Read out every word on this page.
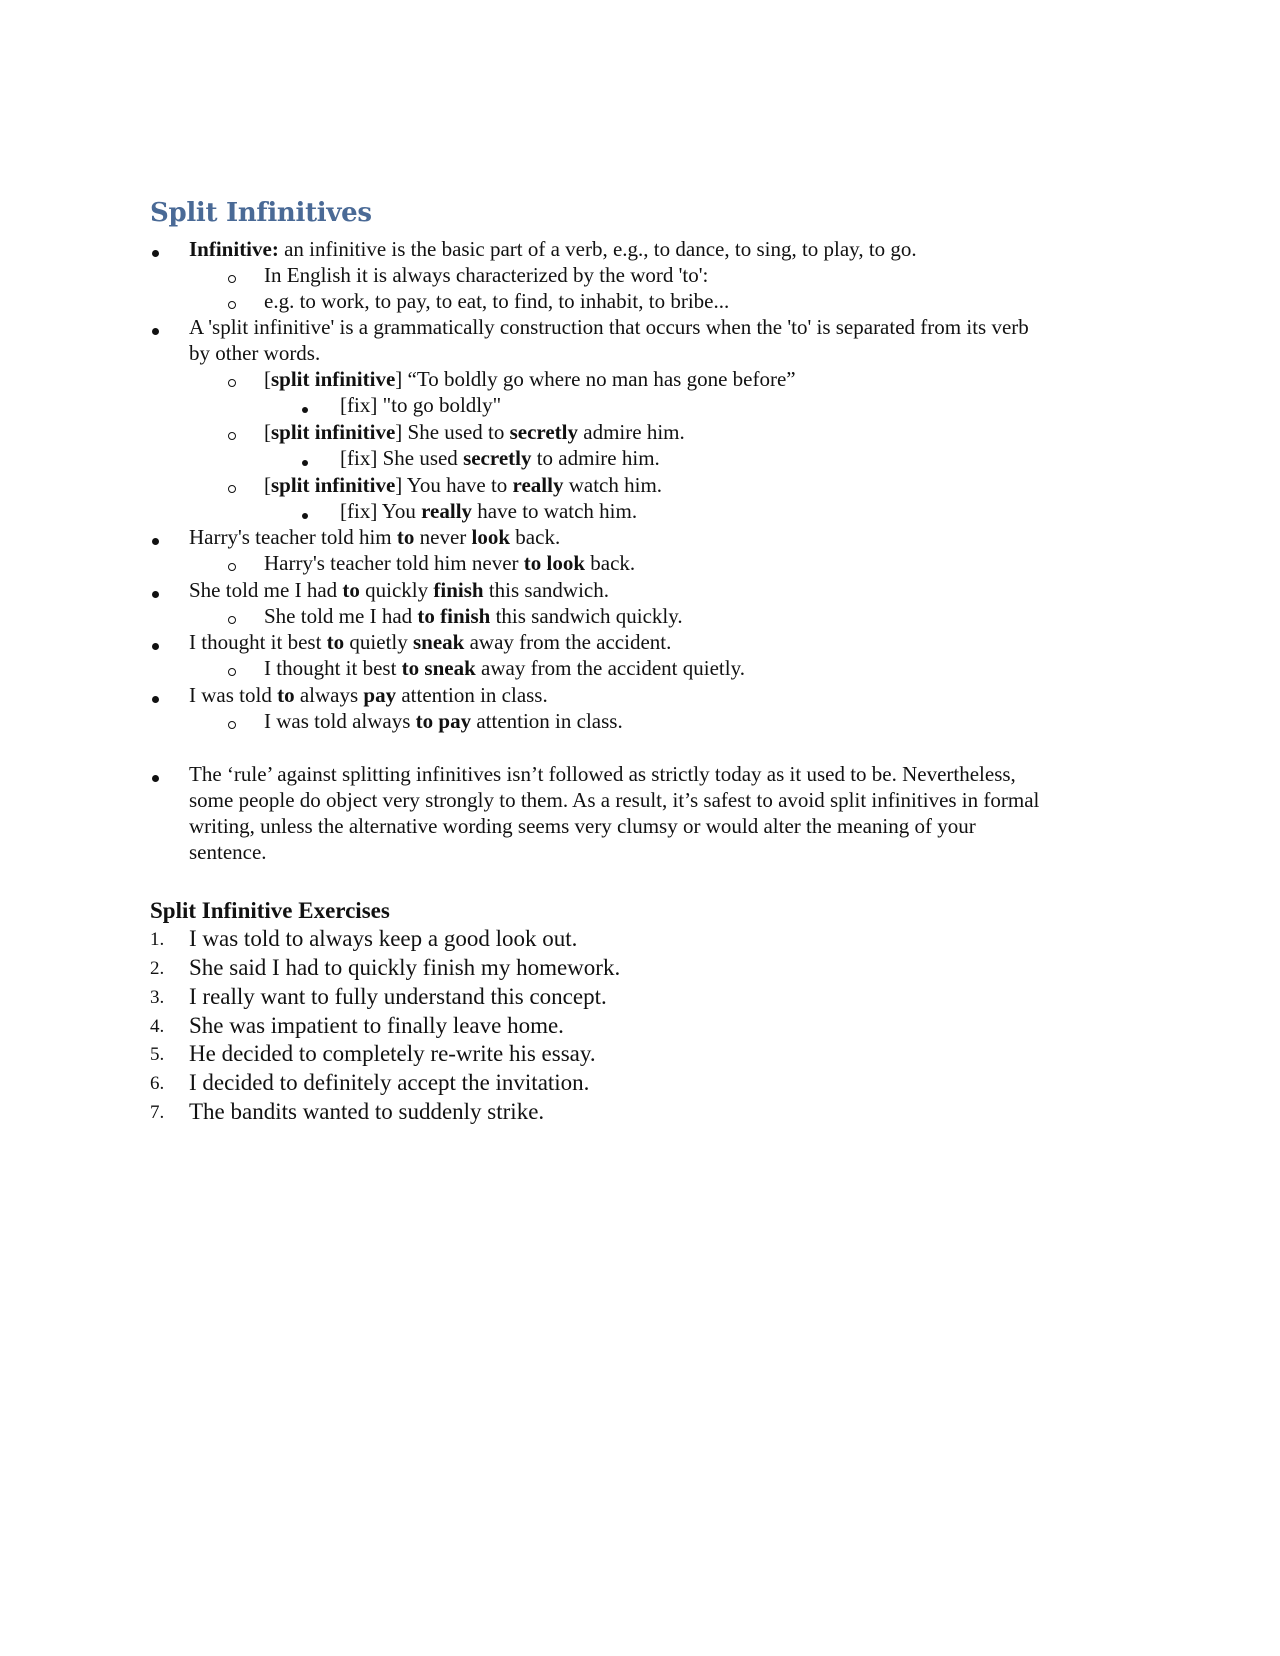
Split Infinitives
Infinitive: an infinitive is the basic part of a verb, e.g., to dance, to sing, to play, to go.
In English it is always characterized by the word 'to':
e.g. to work, to pay, to eat, to find, to inhabit, to bribe...
A 'split infinitive' is a grammatically construction that occurs when the 'to' is separated from its verb
by other words.
[split infinitive] “To boldly go where no man has gone before”
[fix] "to go boldly"
[split infinitive] She used to secretly admire him.
[fix] She used secretly to admire him.
[split infinitive] You have to really watch him.
[fix] You really have to watch him.
Harry's teacher told him to never look back.
Harry's teacher told him never to look back.
She told me I had to quickly finish this sandwich.
She told me I had to finish this sandwich quickly.
I thought it best to quietly sneak away from the accident.
I thought it best to sneak away from the accident quietly.
I was told to always pay attention in class.
I was told always to pay attention in class.
The ‘rule’ against splitting infinitives isn’t followed as strictly today as it used to be. Nevertheless,
some people do object very strongly to them. As a result, it’s safest to avoid split infinitives in formal
writing, unless the alternative wording seems very clumsy or would alter the meaning of your
sentence.
Split Infinitive Exercises
1. I was told to always keep a good look out.
2. She said I had to quickly finish my homework.
3. I really want to fully understand this concept.
4. She was impatient to finally leave home.
5. He decided to completely re-write his essay.
6. I decided to definitely accept the invitation.
7. The bandits wanted to suddenly strike.
